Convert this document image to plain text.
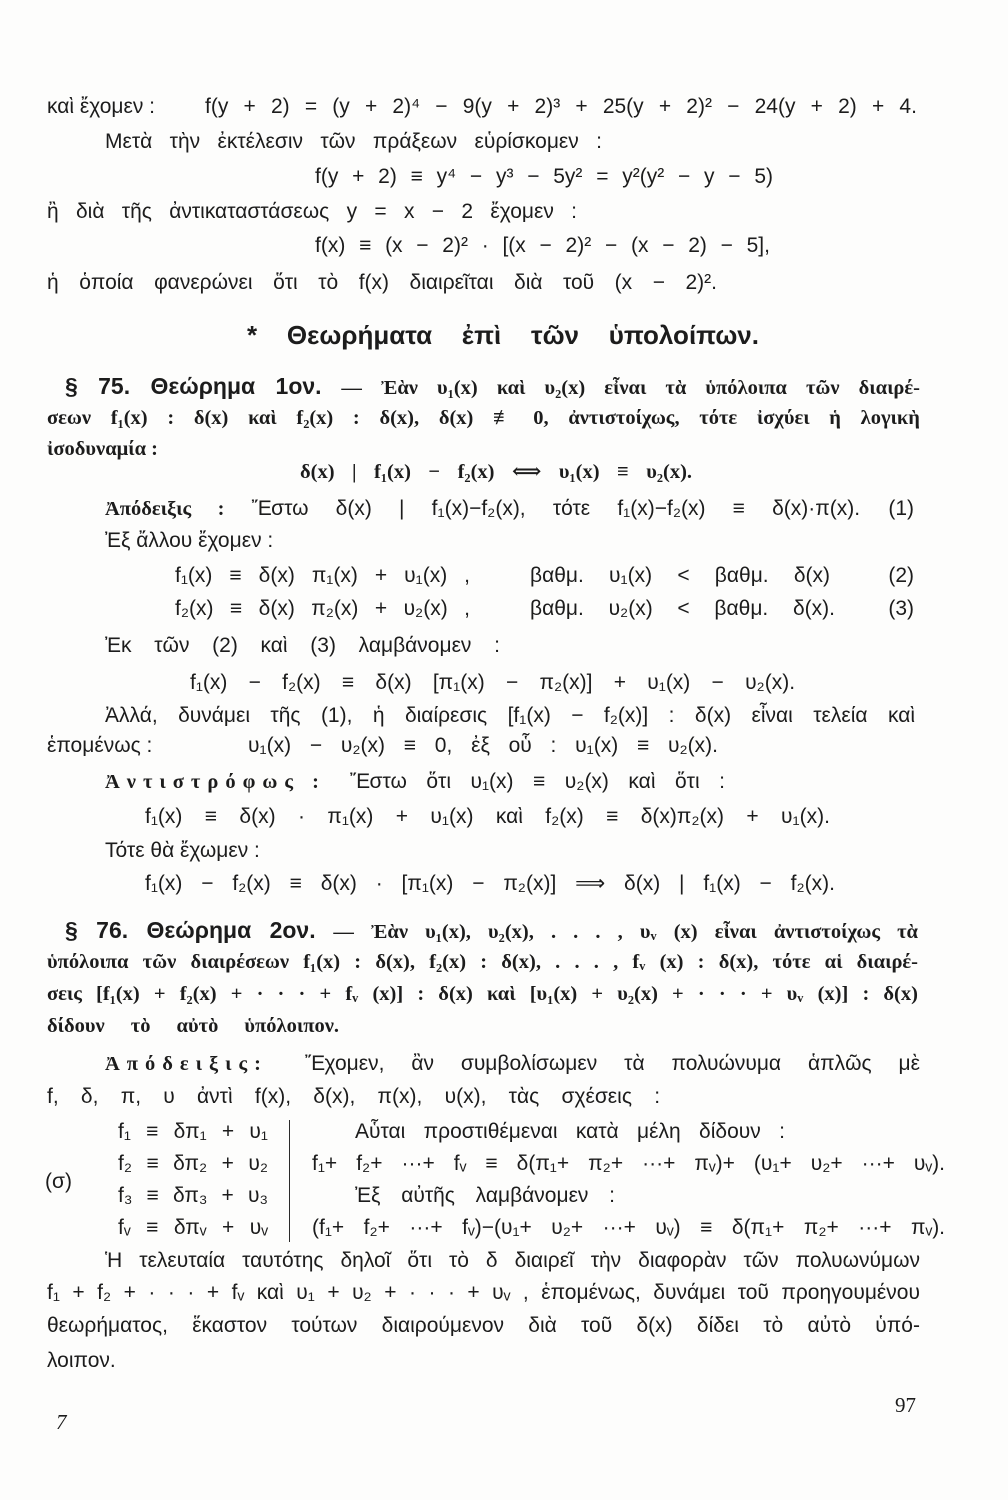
καὶ ἔχομεν :	f(y + 2) = (y + 2)⁴ − 9(y + 2)³ + 25(y + 2)² − 24(y + 2) + 4.
Μετὰ τὴν ἐκτέλεσιν τῶν πράξεων εὑρίσκομεν :
f(y + 2) ≡ y⁴ − y³ − 5y² = y²(y² − y − 5)
ἢ διὰ τῆς ἀντικαταστάσεως y = x − 2 ἔχομεν :
f(x) ≡ (x − 2)² · [(x − 2)² − (x − 2) − 5],
ἡ ὁποία φανερώνει ὅτι τὸ f(x) διαιρεῖται διὰ τοῦ (x − 2)².
* Θεωρήματα ἐπὶ τῶν ὑπολοίπων.
§ 75. Θεώρημα 1ον. — Ἐὰν υ₁(x) καὶ υ₂(x) εἶναι τὰ ὑπόλοιπα τῶν διαιρέ-
σεων f₁(x) : δ(x) καὶ f₂(x) : δ(x), δ(x) ≢ 0, ἀντιστοίχως, τότε ἰσχύει ἡ λογικὴ
ἰσοδυναμία :
δ(x) | f₁(x) − f₂(x) ⟺ υ₁(x) ≡ υ₂(x).
Ἀπόδειξις : Ἔστω δ(x) | f₁(x)−f₂(x), τότε f₁(x)−f₂(x) ≡ δ(x)·π(x).	(1)
Ἐξ ἄλλου ἔχομεν :
f₁(x) ≡ δ(x) π₁(x) + υ₁(x) ,	βαθμ. υ₁(x) < βαθμ. δ(x)	(2)
f₂(x) ≡ δ(x) π₂(x) + υ₂(x) ,	βαθμ. υ₂(x) < βαθμ. δ(x).	(3)
Ἐκ τῶν (2) καὶ (3) λαμβάνομεν :
f₁(x) − f₂(x) ≡ δ(x) [π₁(x) − π₂(x)] + υ₁(x) − υ₂(x).
Ἀλλά, δυνάμει τῆς (1), ἡ διαίρεσις [f₁(x) − f₂(x)] : δ(x) εἶναι τελεία καὶ
ἑπομένως :	υ₁(x) − υ₂(x) ≡ 0, ἐξ οὗ : υ₁(x) ≡ υ₂(x).
Ἀντιστρόφως :	Ἔστω ὅτι υ₁(x) ≡ υ₂(x) καὶ ὅτι :
f₁(x) ≡ δ(x) · π₁(x) + υ₁(x) καὶ f₂(x) ≡ δ(x)π₂(x) + υ₁(x).
Τότε θὰ ἔχωμεν :
f₁(x) − f₂(x) ≡ δ(x) · [π₁(x) − π₂(x)] ⟹ δ(x) | f₁(x) − f₂(x).
§ 76. Θεώρημα 2ον. — Ἐὰν υ₁(x), υ₂(x), . . . , υᵥ (x) εἶναι ἀντιστοίχως τὰ
ὑπόλοιπα τῶν διαιρέσεων f₁(x) : δ(x), f₂(x) : δ(x), . . . , fᵥ (x) : δ(x), τότε αἱ διαιρέ-
σεις [f₁(x) + f₂(x) + · · · + fᵥ (x)] : δ(x) καὶ [υ₁(x) + υ₂(x) + · · · + υᵥ (x)] : δ(x)
δίδουν τὸ αὐτὸ ὑπόλοιπον.
Ἀπόδειξις:	Ἔχομεν, ἂν συμβολίσωμεν τὰ πολυώνυμα ἁπλῶς μὲ
f, δ, π, υ ἀντὶ f(x), δ(x), π(x), υ(x), τὰς σχέσεις :
(σ)
f₁ ≡ δπ₁ + υ₁
f₂ ≡ δπ₂ + υ₂
f₃ ≡ δπ₃ + υ₃
fᵥ ≡ δπᵥ + υᵥ
Αὗται προστιθέμεναι κατὰ μέλη δίδουν :
f₁+ f₂+ ···+ fᵥ ≡ δ(π₁+ π₂+ ···+ πᵥ)+ (υ₁+ υ₂+ ···+ υᵥ).
Ἐξ αὐτῆς λαμβάνομεν :
(f₁+ f₂+ ···+ fᵥ)−(υ₁+ υ₂+ ···+ υᵥ) ≡ δ(π₁+ π₂+ ···+ πᵥ).
Ἡ τελευταία ταυτότης δηλοῖ ὅτι τὸ δ διαιρεῖ τὴν διαφορὰν τῶν πολυωνύμων
f₁ + f₂ + · · · + fᵥ καὶ υ₁ + υ₂ + · · · + υᵥ , ἑπομένως, δυνάμει τοῦ προηγουμένου
θεωρήματος, ἕκαστον τούτων διαιρούμενον διὰ τοῦ δ(x) δίδει τὸ αὐτὸ ὑπό-
λοιπον.
97
7
